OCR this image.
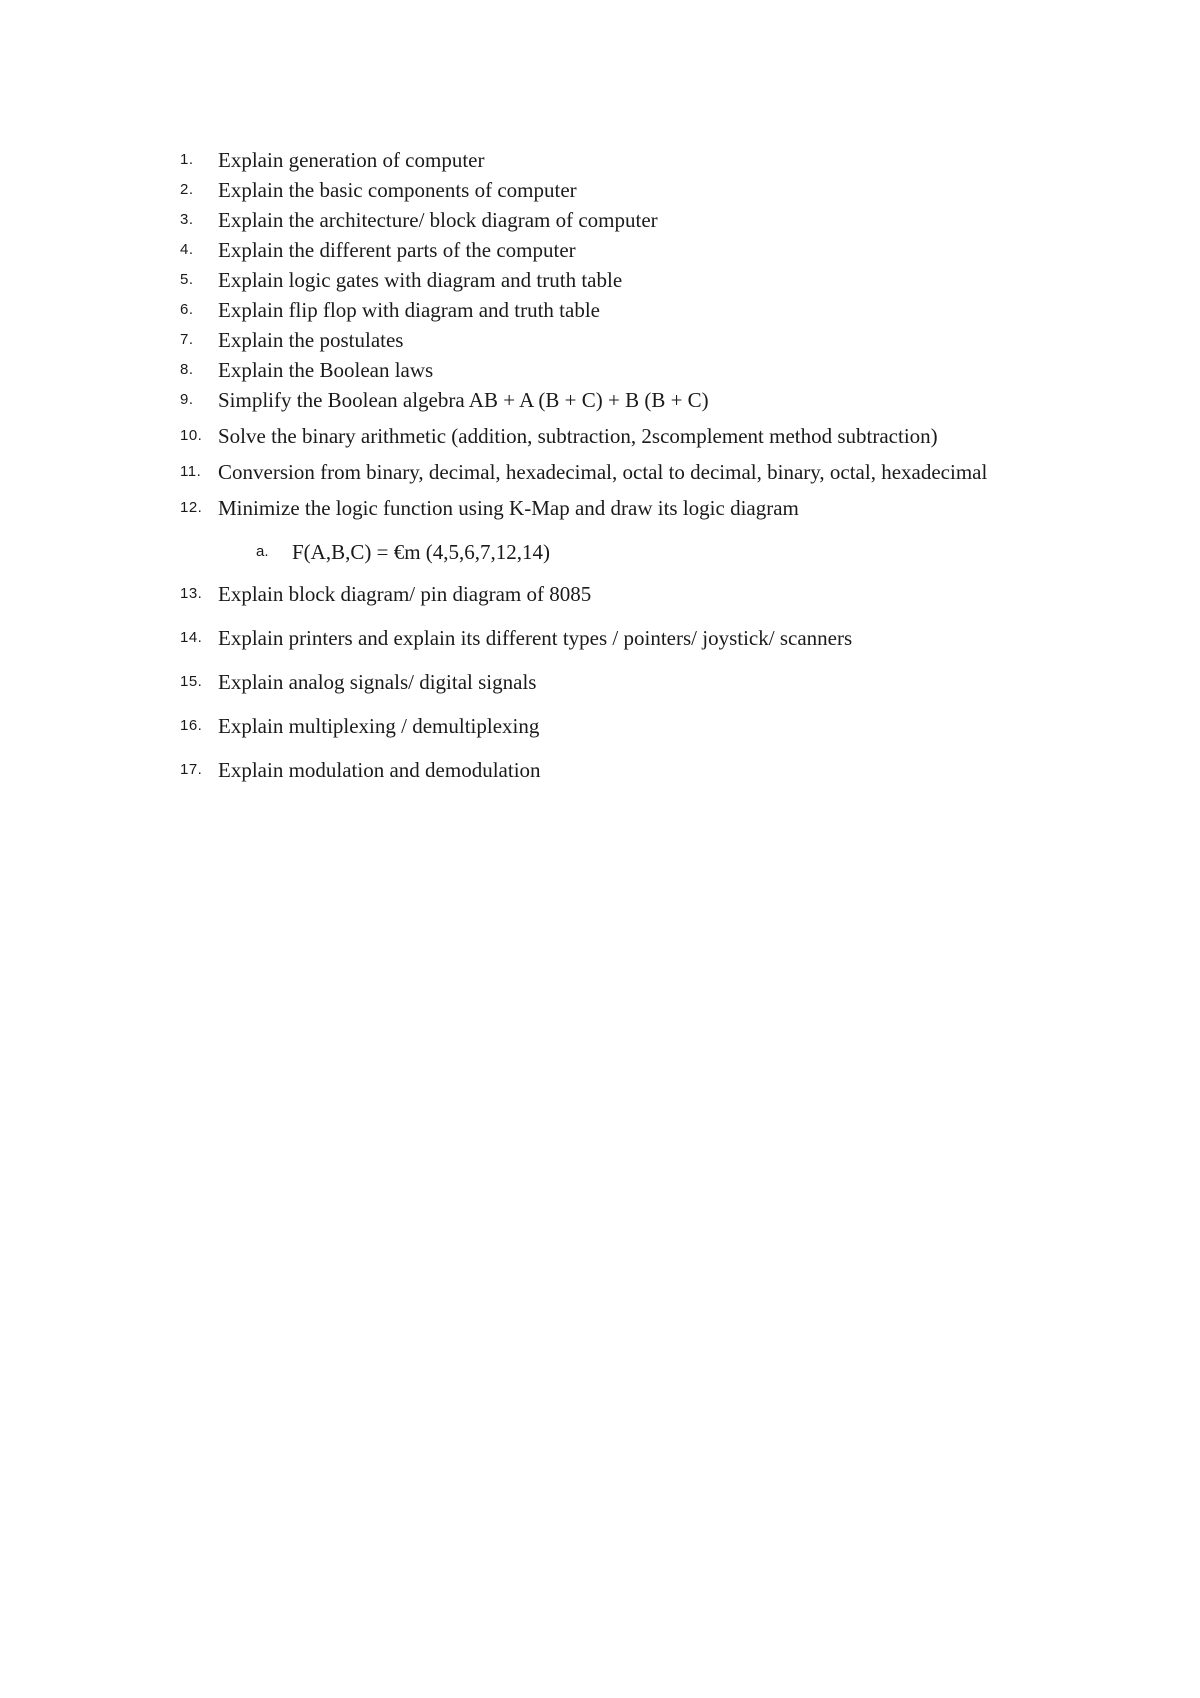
1.	Explain generation of computer
2.	Explain the basic components of computer
3.	Explain the architecture/ block diagram of computer
4.	Explain the different parts of the computer
5.	Explain logic gates with diagram and truth table
6.	Explain flip flop with diagram and truth table
7.	Explain the postulates
8.	Explain the Boolean laws
9.	Simplify the Boolean algebra AB + A (B + C) + B (B + C)
10. Solve the binary arithmetic (addition, subtraction, 2scomplement method subtraction)
11. Conversion from binary, decimal, hexadecimal, octal to decimal, binary, octal, hexadecimal
12. Minimize the logic function using K-Map and draw its logic diagram
a.	F(A,B,C) = €m (4,5,6,7,12,14)
13. Explain block diagram/ pin diagram of 8085
14. Explain printers and explain its different types / pointers/ joystick/ scanners
15. Explain analog signals/ digital signals
16. Explain multiplexing / demultiplexing
17. Explain modulation and demodulation
